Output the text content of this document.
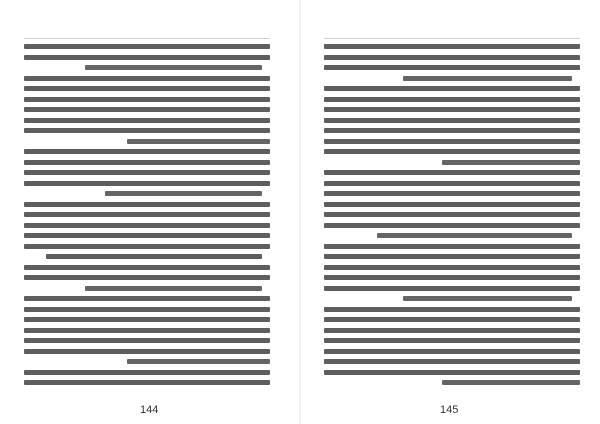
144	145
